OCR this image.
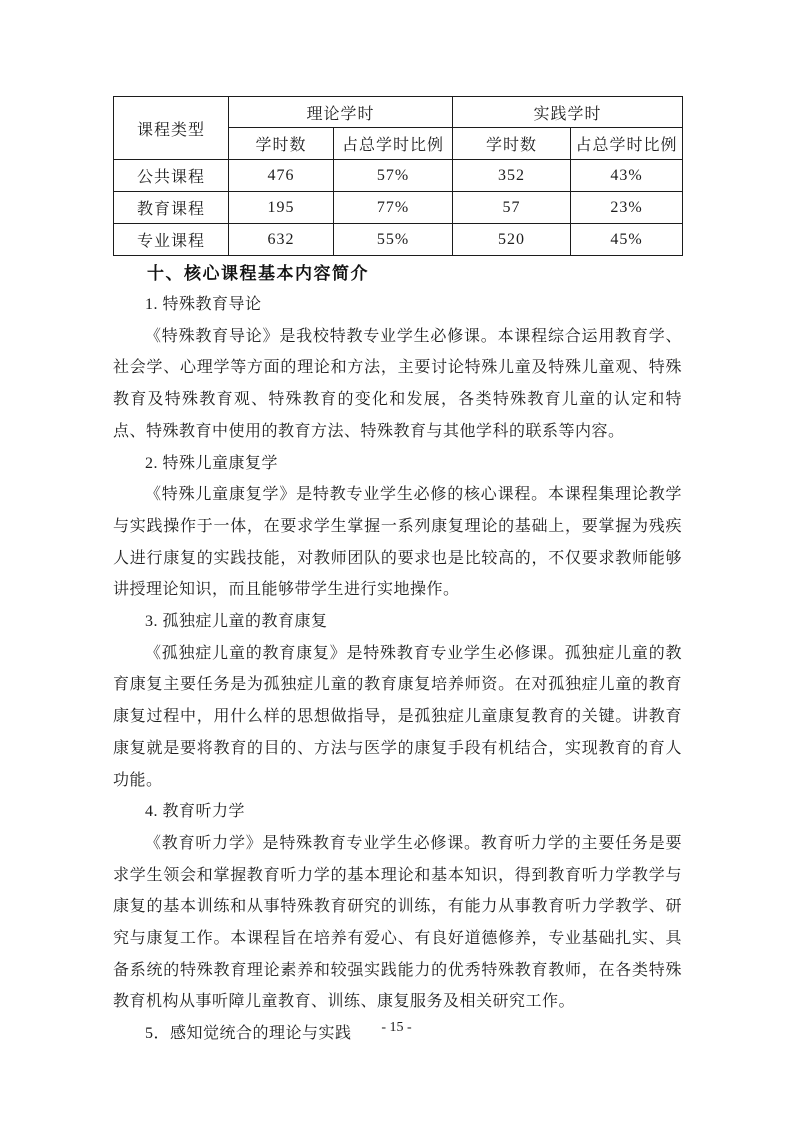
课程类型	理论学时		实践学时	
	学时数	占总学时比例	学时数	占总学时比例
公共课程	476	57%	352	43%
教育课程	195	77%	57	23%
专业课程	632	55%	520	45%
十、核心课程基本内容简介

1. 特殊教育导论

《特殊教育导论》是我校特教专业学生必修课。本课程综合运用教育学、社会学、心理学等方面的理论和方法，主要讨论特殊儿童及特殊儿童观、特殊教育及特殊教育观、特殊教育的变化和发展，各类特殊教育儿童的认定和特点、特殊教育中使用的教育方法、特殊教育与其他学科的联系等内容。

2. 特殊儿童康复学

《特殊儿童康复学》是特教专业学生必修的核心课程。本课程集理论教学与实践操作于一体，在要求学生掌握一系列康复理论的基础上，要掌握为残疾人进行康复的实践技能，对教师团队的要求也是比较高的，不仅要求教师能够讲授理论知识，而且能够带学生进行实地操作。

3. 孤独症儿童的教育康复

《孤独症儿童的教育康复》是特殊教育专业学生必修课。孤独症儿童的教育康复主要任务是为孤独症儿童的教育康复培养师资。在对孤独症儿童的教育康复过程中，用什么样的思想做指导，是孤独症儿童康复教育的关键。讲教育康复就是要将教育的目的、方法与医学的康复手段有机结合，实现教育的育人功能。

4. 教育听力学

《教育听力学》是特殊教育专业学生必修课。教育听力学的主要任务是要求学生领会和掌握教育听力学的基本理论和基本知识，得到教育听力学教学与康复的基本训练和从事特殊教育研究的训练，有能力从事教育听力学教学、研究与康复工作。本课程旨在培养有爱心、有良好道德修养，专业基础扎实、具备系统的特殊教育理论素养和较强实践能力的优秀特殊教育教师，在各类特殊教育机构从事听障儿童教育、训练、康复服务及相关研究工作。

5．感知觉统合的理论与实践	- 15 -
